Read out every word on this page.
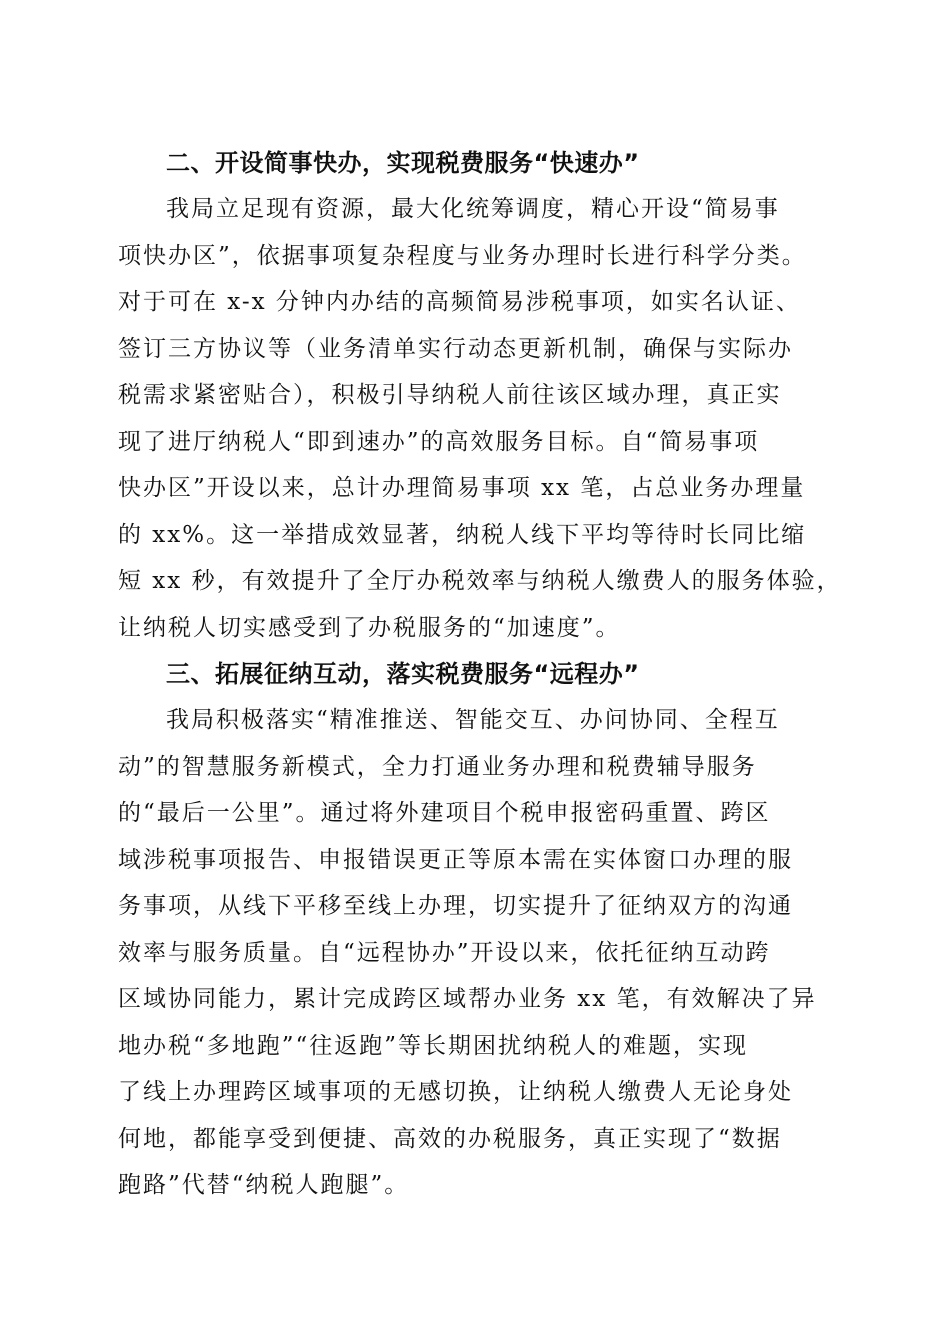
二、开设简事快办，实现税费服务“快速办”
我局立足现有资源，最大化统筹调度，精心开设“简易事
项快办区”，依据事项复杂程度与业务办理时长进行科学分类。
对于可在 x-x 分钟内办结的高频简易涉税事项，如实名认证、
签订三方协议等（业务清单实行动态更新机制，确保与实际办
税需求紧密贴合），积极引导纳税人前往该区域办理，真正实
现了进厅纳税人“即到速办”的高效服务目标。自“简易事项
快办区”开设以来，总计办理简易事项 xx 笔，占总业务办理量
的 xx%。这一举措成效显著，纳税人线下平均等待时长同比缩
短 xx 秒，有效提升了全厅办税效率与纳税人缴费人的服务体验，
让纳税人切实感受到了办税服务的“加速度”。
三、拓展征纳互动，落实税费服务“远程办”
我局积极落实“精准推送、智能交互、办问协同、全程互
动”的智慧服务新模式，全力打通业务办理和税费辅导服务
的“最后一公里”。通过将外建项目个税申报密码重置、跨区
域涉税事项报告、申报错误更正等原本需在实体窗口办理的服
务事项，从线下平移至线上办理，切实提升了征纳双方的沟通
效率与服务质量。自“远程协办”开设以来，依托征纳互动跨
区域协同能力，累计完成跨区域帮办业务 xx 笔，有效解决了异
地办税“多地跑”“往返跑”等长期困扰纳税人的难题，实现
了线上办理跨区域事项的无感切换，让纳税人缴费人无论身处
何地，都能享受到便捷、高效的办税服务，真正实现了“数据
跑路”代替“纳税人跑腿”。
